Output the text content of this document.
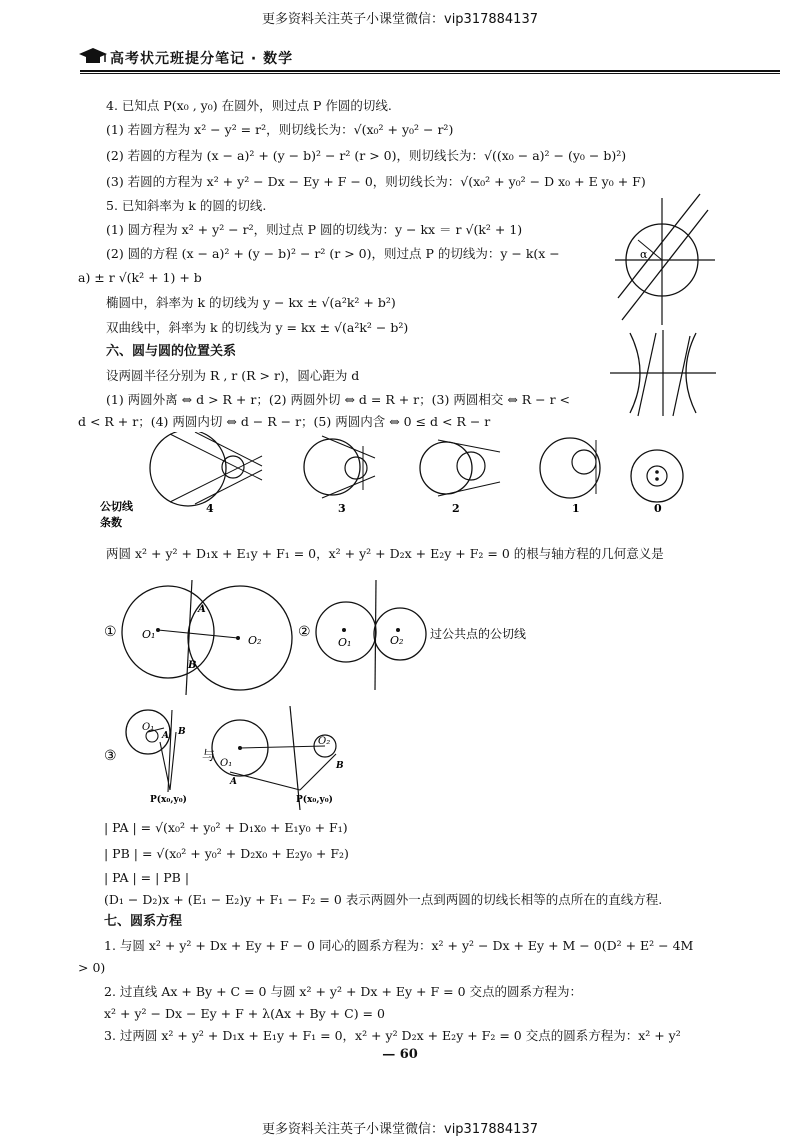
更多资料关注英子小课堂微信：vip317884137
高考状元班提分笔记 · 数学
4. 已知点 P(x₀ , y₀) 在圆外，则过点 P 作圆的切线.
(1) 若圆方程为 x² − y² = r²，则切线长为：√(x₀² + y₀² − r²)
(2) 若圆的方程为 (x − a)² + (y − b)² − r² (r > 0)，则切线长为：√((x₀ − a)² − (y₀ − b)²)
(3) 若圆的方程为 x² + y² − Dx − Ey + F − 0，则切线长为：√(x₀² + y₀² − D x₀ + E y₀ + F)
5. 已知斜率为 k 的圆的切线.
(1) 圆方程为 x² + y² − r²，则过点 P 圆的切线为：y − kx ＝ r √(k² + 1)
(2) 圆的方程 (x − a)² + (y − b)² − r² (r > 0)，则过点 P 的切线为：y − k(x −
a) ± r √(k² + 1) + b
椭圆中，斜率为 k 的切线为 y − kx ± √(a²k² + b²)
双曲线中，斜率为 k 的切线为 y = kx ± √(a²k² − b²)
六、圆与圆的位置关系
设两圆半径分别为 R , r (R > r)，圆心距为 d
(1) 两圆外离 ⇔ d > R + r；(2) 两圆外切 ⇔ d = R + r；(3) 两圆相交 ⇔ R − r <
d < R + r；(4) 两圆内切 ⇔ d − R − r；(5) 两圆内含 ⇔ 0 ≤ d < R − r
α
公切线
条数
4	3	2	1	0
两圆 x² + y² + D₁x + E₁y + F₁ = 0，x² + y² + D₂x + E₂y + F₂ = 0 的根与轴方程的几何意义是
① O₁	O₂
A
B
②
O₁	O₂ 过公共点的公切线
③
O₁
A B
P(x₀,y₀)
与 O₁
O₂
A
B
P(x₀,y₀)
| PA | = √(x₀² + y₀² + D₁x₀ + E₁y₀ + F₁)
| PB | = √(x₀² + y₀² + D₂x₀ + E₂y₀ + F₂)
| PA | = | PB |
(D₁ − D₂)x + (E₁ − E₂)y + F₁ − F₂ = 0 表示两圆外一点到两圆的切线长相等的点所在的直线方程.
七、圆系方程
1. 与圆 x² + y² + Dx + Ey + F − 0 同心的圆系方程为：x² + y² − Dx + Ey + M − 0(D² + E² − 4M
> 0)
2. 过直线 Ax + By + C = 0 与圆 x² + y² + Dx + Ey + F = 0 交点的圆系方程为：
x² + y² − Dx − Ey + F + λ(Ax + By + C) = 0
3. 过两圆 x² + y² + D₁x + E₁y + F₁ = 0，x² + y² D₂x + E₂y + F₂ = 0 交点的圆系方程为：x² + y²
— 60
更多资料关注英子小课堂微信：vip317884137
